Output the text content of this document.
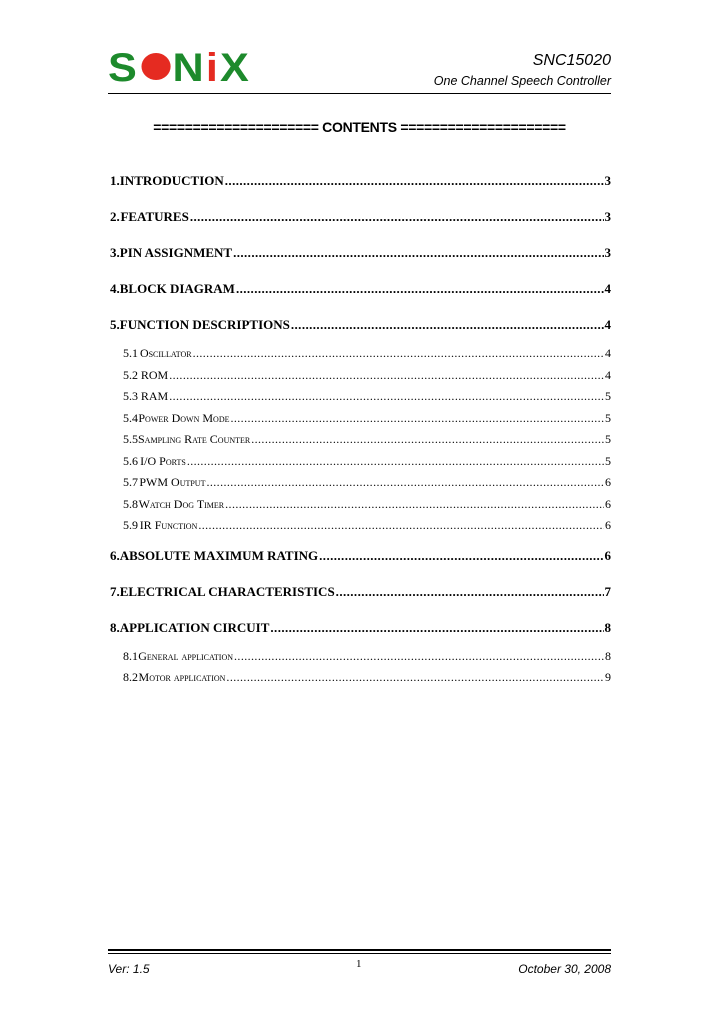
S NiX	SNC15020
One Channel Speech Controller
===================== CONTENTS =====================
1. INTRODUCTION .....	3
2. FEATURES .....	3
3. PIN ASSIGNMENT .....	3
4. BLOCK DIAGRAM .....	4
5. FUNCTION DESCRIPTIONS .....	4
5.1 Oscillator .....	4
5.2 ROM .....	4
5.3 RAM .....	5
5.4 Power Down Mode .....	5
5.5 Sampling Rate Counter .....	5
5.6 I/O Ports .....	5
5.7 PWM Output .....	6
5.8 Watch Dog Timer .....	6
5.9 IR Function .....	6
6. ABSOLUTE MAXIMUM RATING .....	6
7. ELECTRICAL CHARACTERISTICS .....	7
8. APPLICATION CIRCUIT .....	8
8.1 General application .....	8
8.2 Motor application .....	9
Ver: 1.5	1	October 30, 2008
